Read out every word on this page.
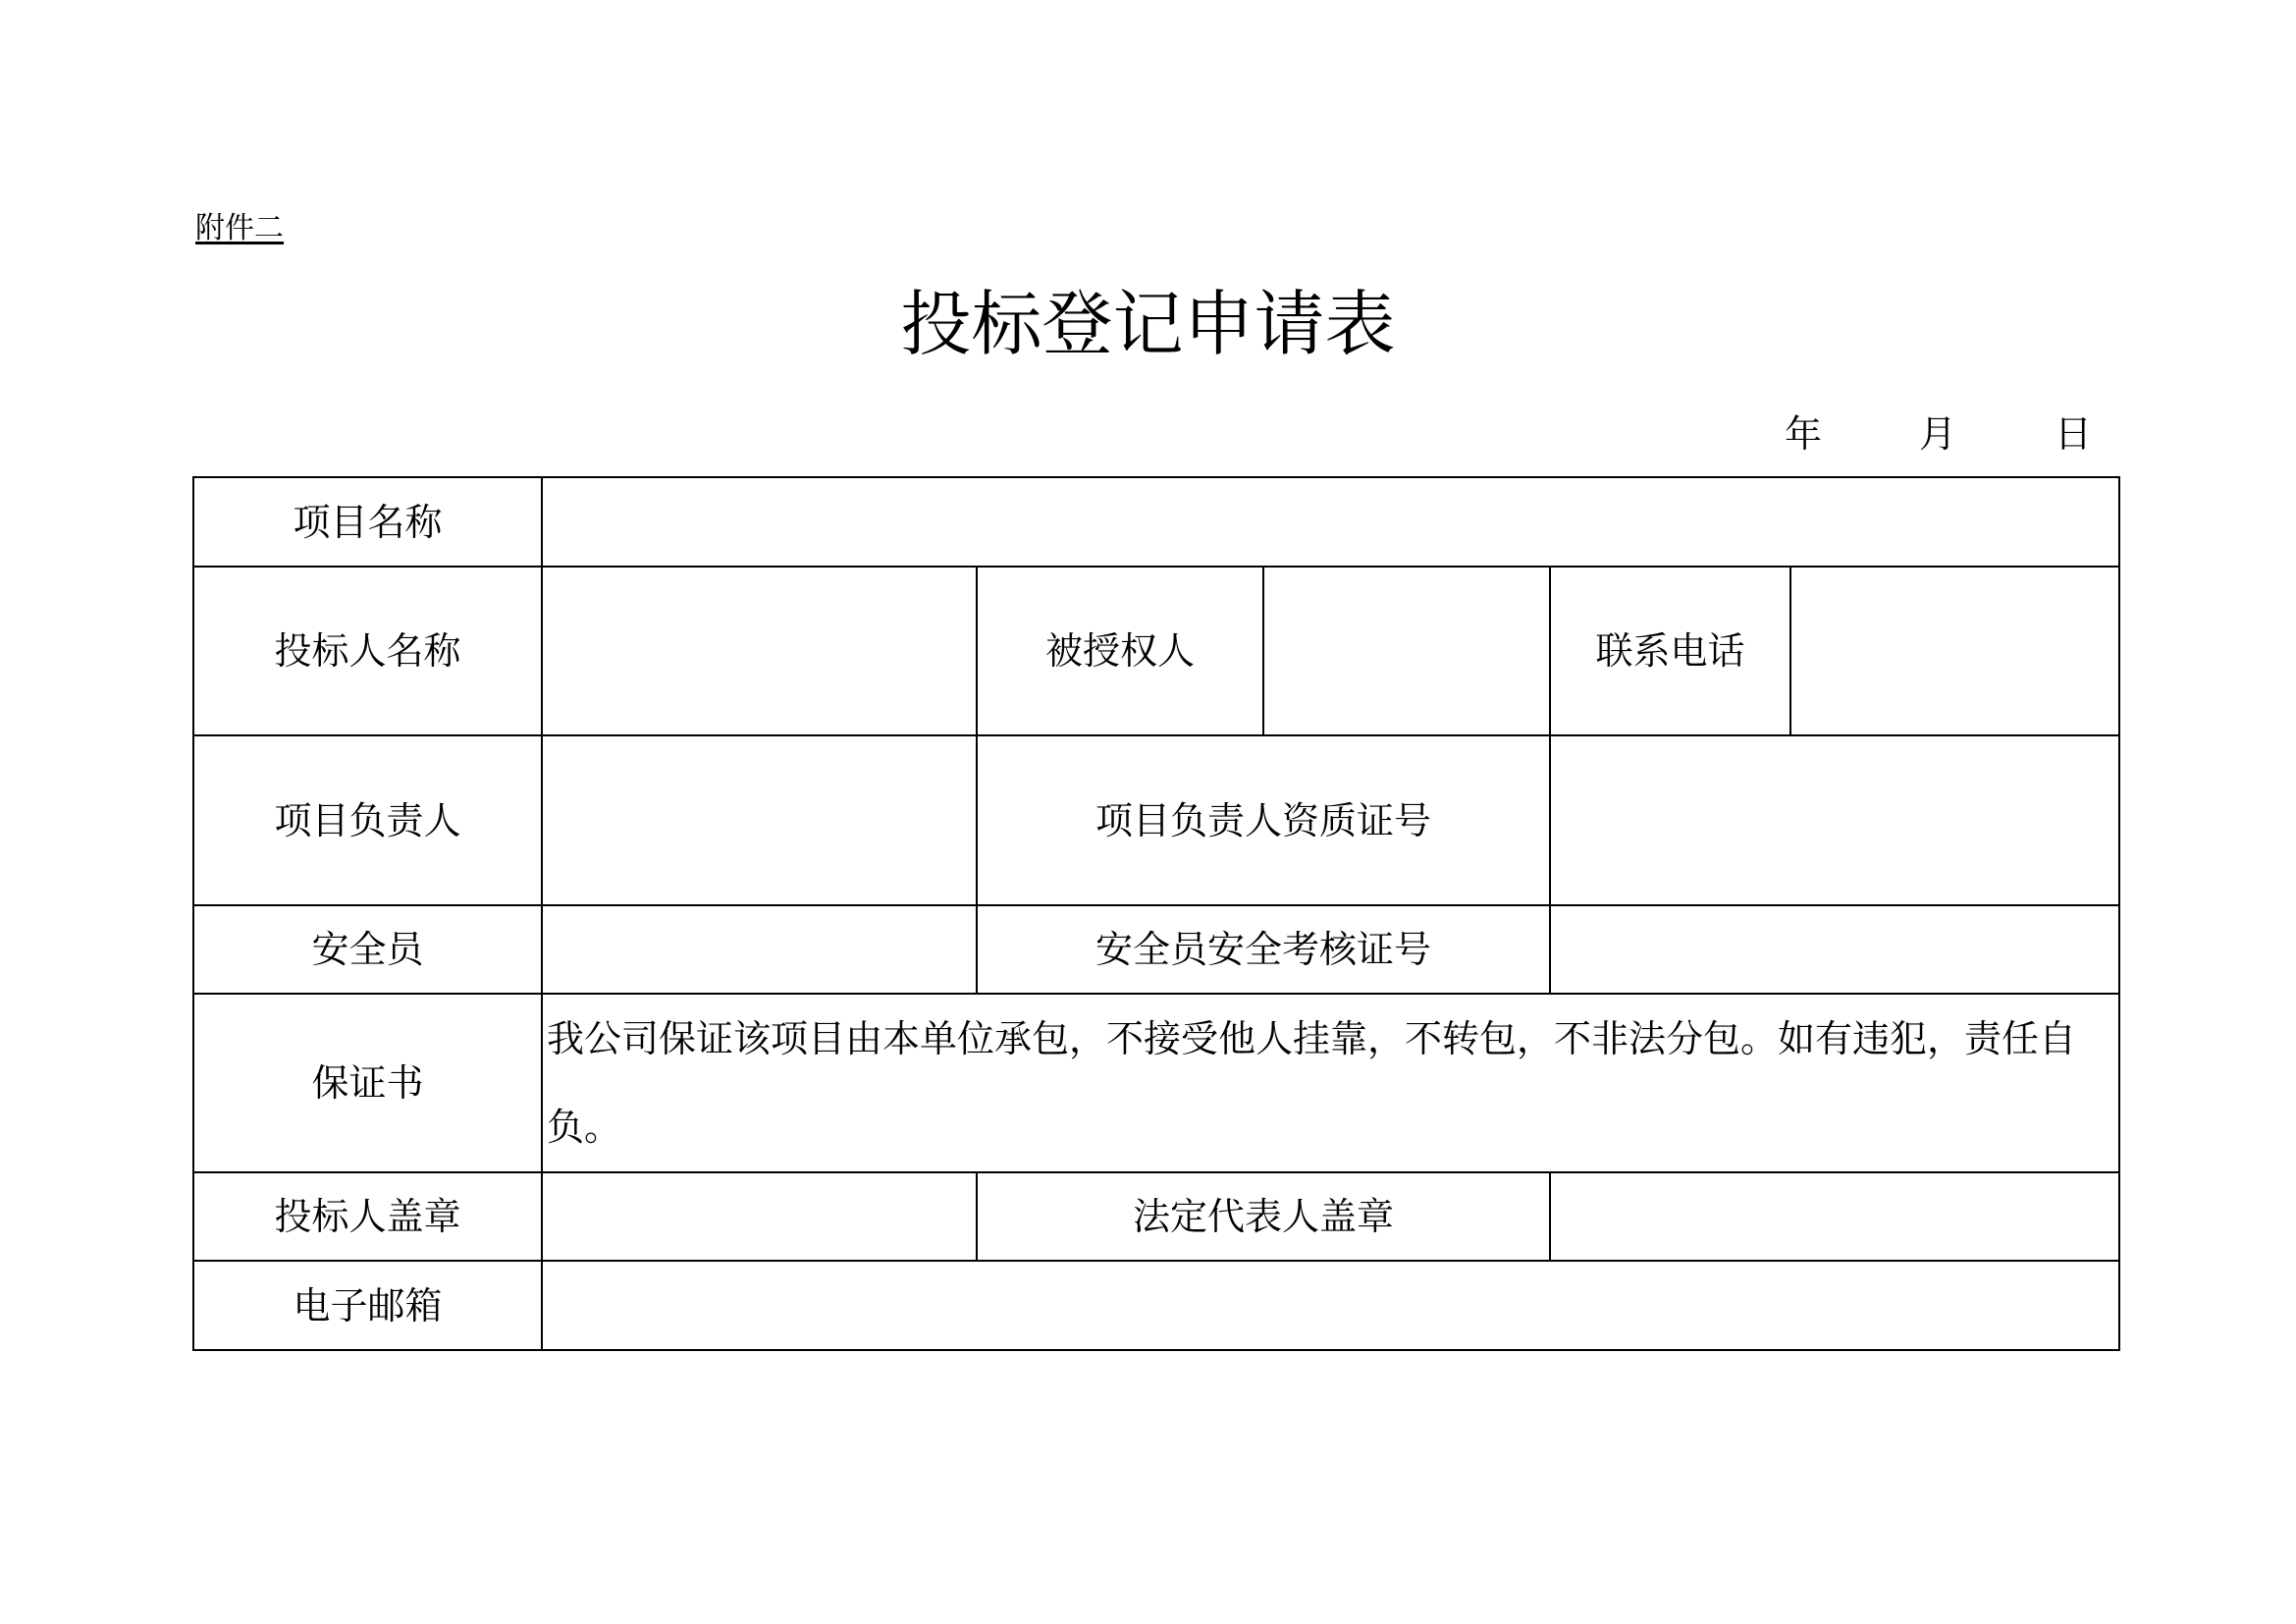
附件二
投标登记申请表
年	月	日
项目名称					
投标人名称		被授权人		联系电话	
项目负责人		项目负责人资质证号			
安全员		安全员安全考核证号			
保证书	我公司保证该项目由本单位承包，不接受他人挂靠，不转包，不非法分包。如有违犯，责任自负。				
投标人盖章		法定代表人盖章			
电子邮箱					
